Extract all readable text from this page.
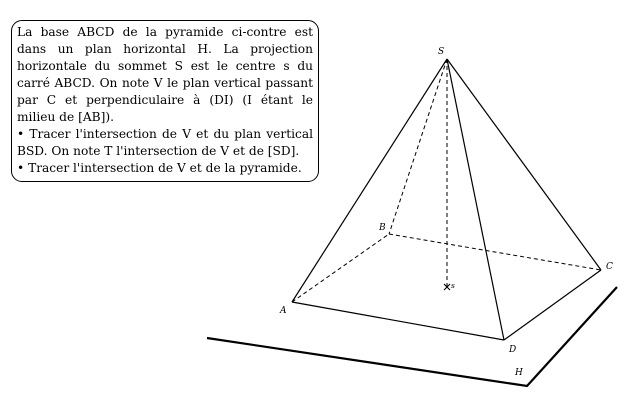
La base ABCD de la pyramide ci-contre est dans un plan horizontal H. La projection horizontale du sommet S est le centre s du carré ABCD. On note V le plan vertical passant par C et perpendiculaire à (DI) (I étant le milieu de [AB]).

• Tracer l'intersection de V et du plan vertical BSD. On note T l'intersection de V et de [SD].

• Tracer l'intersection de V et de la pyramide.

S
A
B
C
D
s
H
